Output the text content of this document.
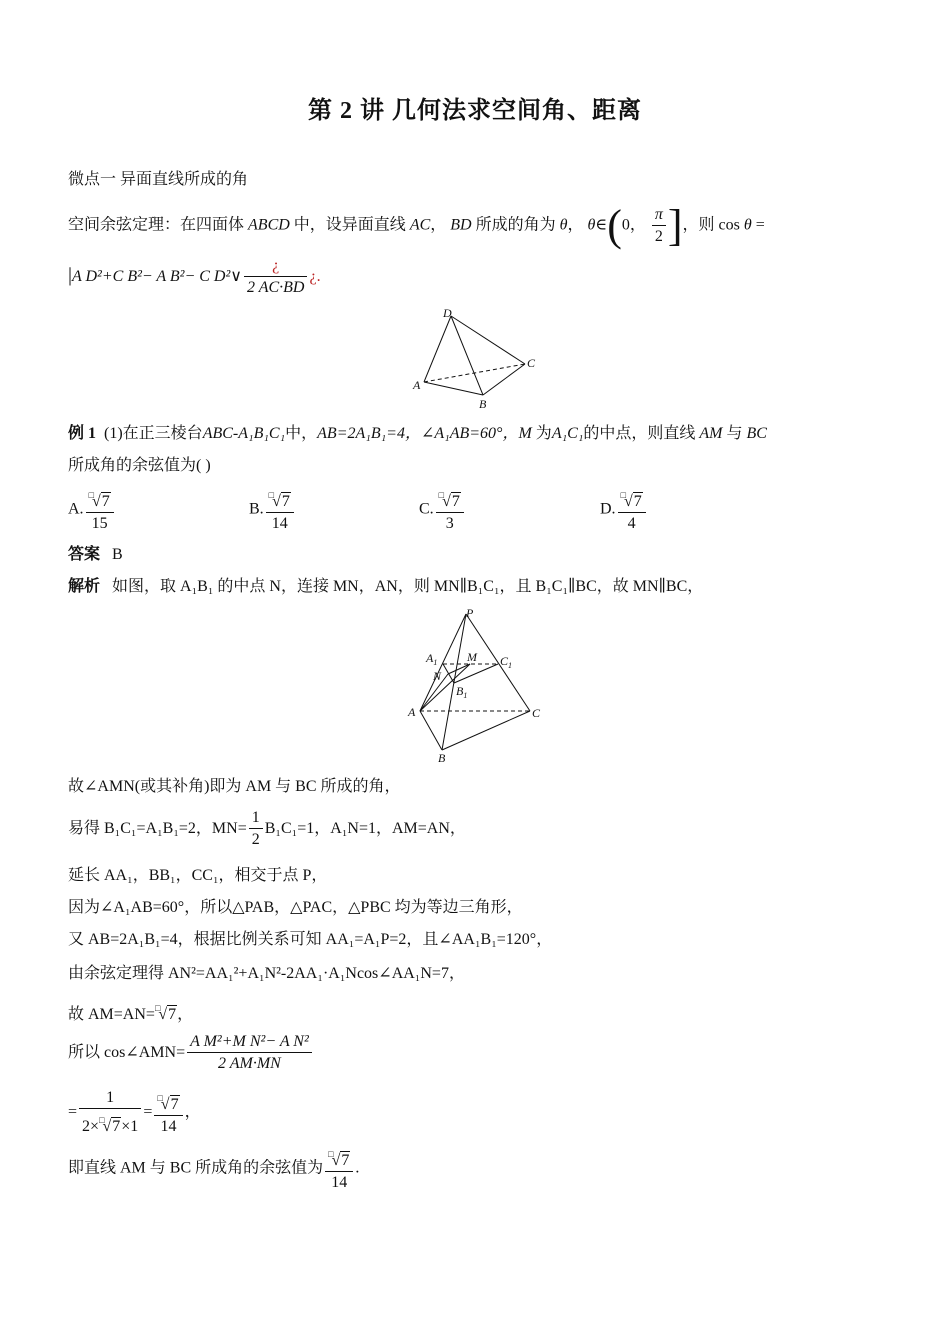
第 2 讲 几何法求空间角、距离
微点一 异面直线所成的角
空间余弦定理：在四面体 ABCD 中，设异面直线 AC， BD 所成的角为 θ， θ∈(0， $\frac{\pi}{2}$ ]，则 cos θ =
|A D²+C B²− A B²− C D²∨ $\frac{¿}{2 AC\cdot BD}$ ¿.
D
C
A
B
例 1 (1)在正三棱台ABC-A₁B₁C₁中，AB=2A₁B₁=4，∠A₁AB=60°，M 为A₁C₁的中点，则直线 AM 与 BC
所成角的余弦值为( )
A. $\frac{^□√7}{15}$	B. $\frac{^□√7}{14}$	C. $\frac{^□√7}{3}$	D. $\frac{^□√7}{4}$
答案 B
解析 如图，取 A₁B₁ 的中点 N，连接 MN，AN，则 MN∥B₁C₁，且 B₁C₁∥BC，故 MN∥BC，
P
$A_1$ M $C_1$
N
$B_1$
A	C
B
故∠AMN(或其补角)即为 AM 与 BC 所成的角，
易得 B₁C₁=A₁B₁=2，$MN= \frac{1}{2} B_1C_1=1$，A₁N=1，AM=AN，
延长 AA₁，BB₁，CC₁，相交于点 P，
因为∠A₁AB=60°，所以△PAB，△PAC，△PBC 均为等边三角形，
又 AB=2A₁B₁=4，根据比例关系可知 AA₁=A₁P=2，且∠AA₁B₁=120°，
由余弦定理得 AN²=AA₁²+A₁N²-2AA₁·A₁Ncos∠AA₁N=7，
故 AM=AN=□√7，
所以 cos∠AMN= $\frac{\text{A M²+M N²− A N²}}{2 AM\cdot MN}$
= $\frac{1}{2\times^□√7\times 1} = \frac{^□√7}{14}$ ，
即直线 AM 与 BC 所成角的余弦值为 $\frac{^□√7}{14}$ .
